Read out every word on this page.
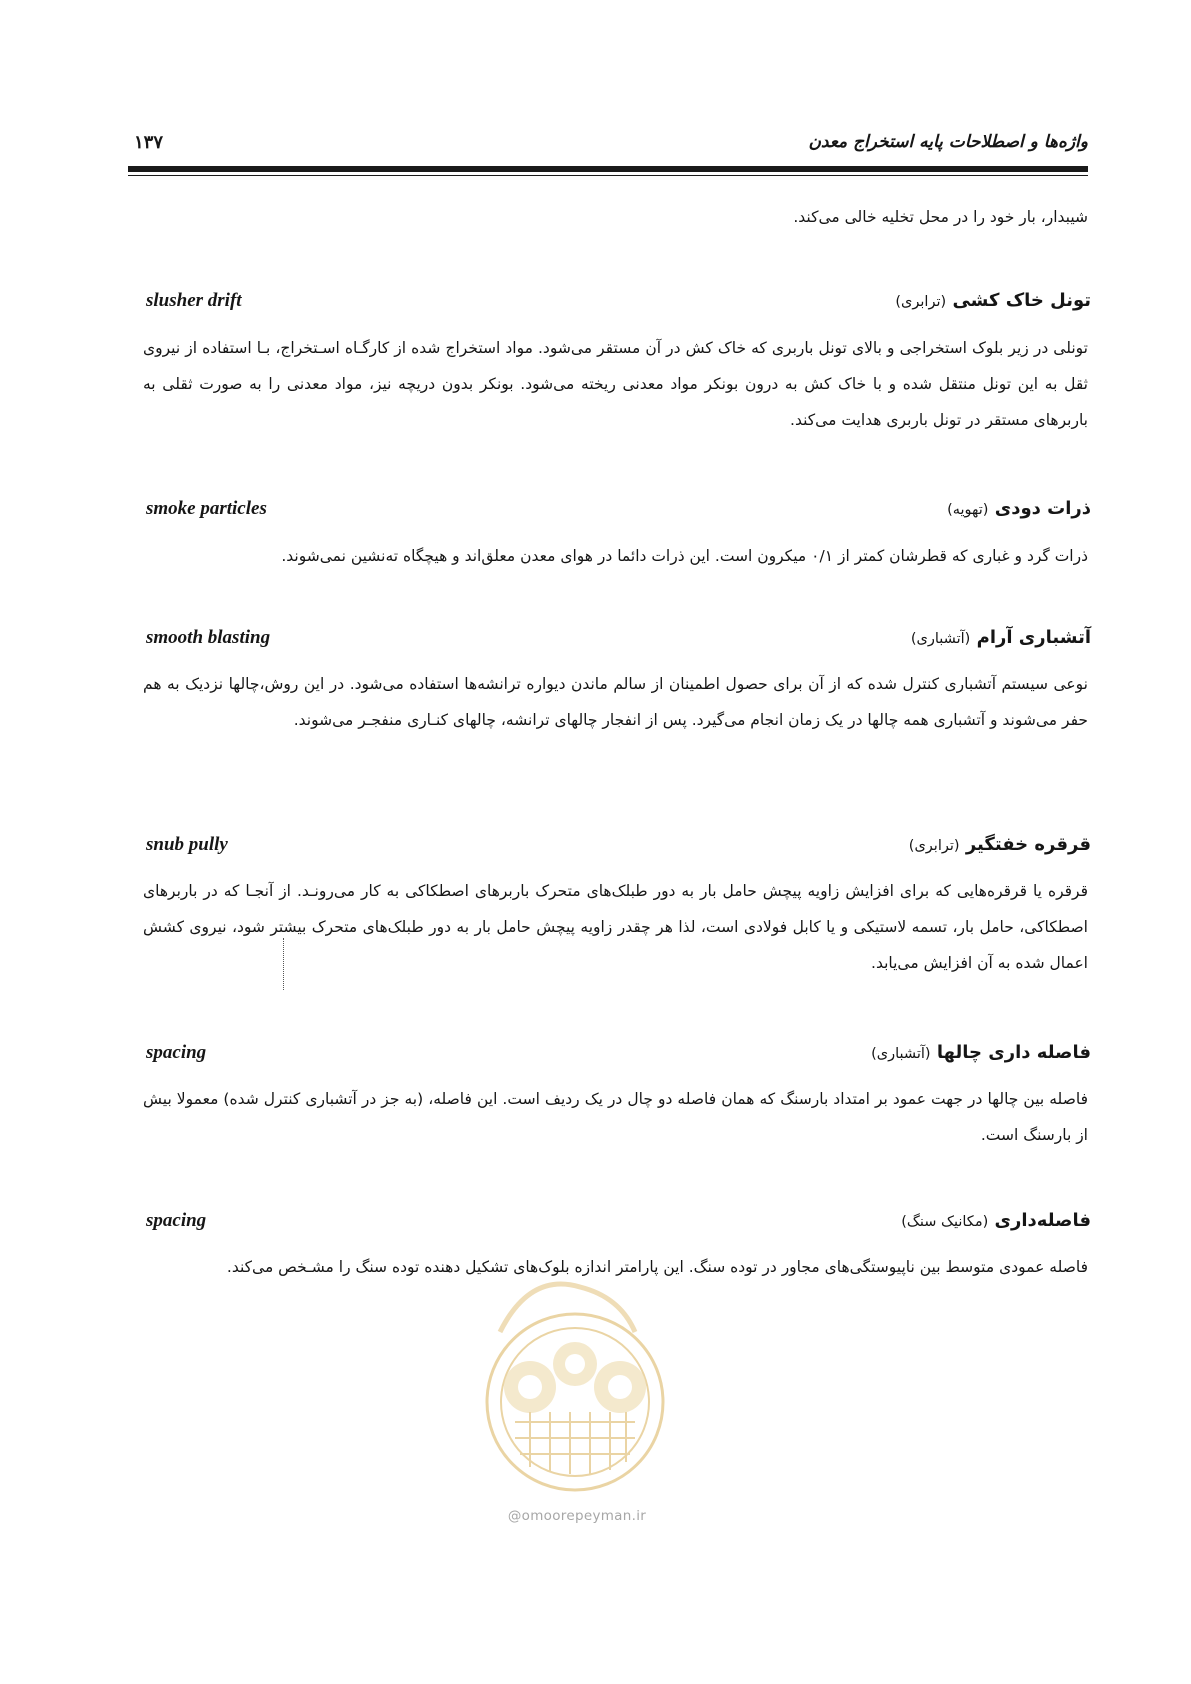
واژه‌ها و اصطلاحات پایه استخراج معدن
۱۳۷

شیبدار، بار خود را در محل تخلیه خالی می‌کند.

تونل خاک کشی (ترابری)
slusher drift

تونلی در زیر بلوک استخراجی و بالای تونل باربری که خاک کش در آن مستقر می‌شود. مواد استخراج شده از کارگـاه اسـتخراج، بـا استفاده از نیروی ثقل به این تونل منتقل شده و با خاک کش به درون بونکر مواد معدنی ریخته می‌شود. بونکر بدون دریچه نیز، مواد معدنی را به صورت ثقلی به باربرهای مستقر در تونل باربری هدایت می‌کند.

ذرات دودی (تهویه)
smoke particles

ذرات گرد و غباری که قطرشان کمتر از ۰/۱ میکرون است. این ذرات دائما در هوای معدن معلق‌اند و هیچگاه ته‌نشین نمی‌شوند.

آتشباری آرام (آتشباری)
smooth blasting

نوعی سیستم آتشباری کنترل شده که از آن برای حصول اطمینان از سالم ماندن دیواره ترانشه‌ها استفاده می‌شود. در این روش،چالها نزدیک به هم حفر می‌شوند و آتشباری همه چالها در یک زمان انجام می‌گیرد. پس از انفجار چالهای ترانشه، چالهای کنـاری منفجـر می‌شوند.

قرقره خفتگیر (ترابری)
snub pully

قرقره یا قرقره‌هایی که برای افزایش زاویه پیچش حامل بار به دور طبلک‌های متحرک باربرهای اصطکاکی به کار می‌رونـد. از آنجـا که در باربرهای اصطکاکی، حامل بار، تسمه لاستیکی و یا کابل فولادی است، لذا هر چقدر زاویه پیچش حامل بار به دور طبلک‌های متحرک بیشتر شود، نیروی کشش اعمال شده به آن افزایش می‌یابد.

فاصله داری چالها (آتشباری)
spacing

فاصله بین چالها در جهت عمود بر امتداد بارسنگ که همان فاصله دو چال در یک ردیف است. این فاصله، (به جز در آتشباری کنترل شده) معمولا بیش از بارسنگ است.

فاصله‌داری (مکانیک سنگ)
spacing

فاصله عمودی متوسط بین ناپیوستگی‌های مجاور در توده سنگ. این پارامتر اندازه بلوک‌های تشکیل دهنده توده سنگ را مشـخص می‌کند.

@omoorepeyman.ir
